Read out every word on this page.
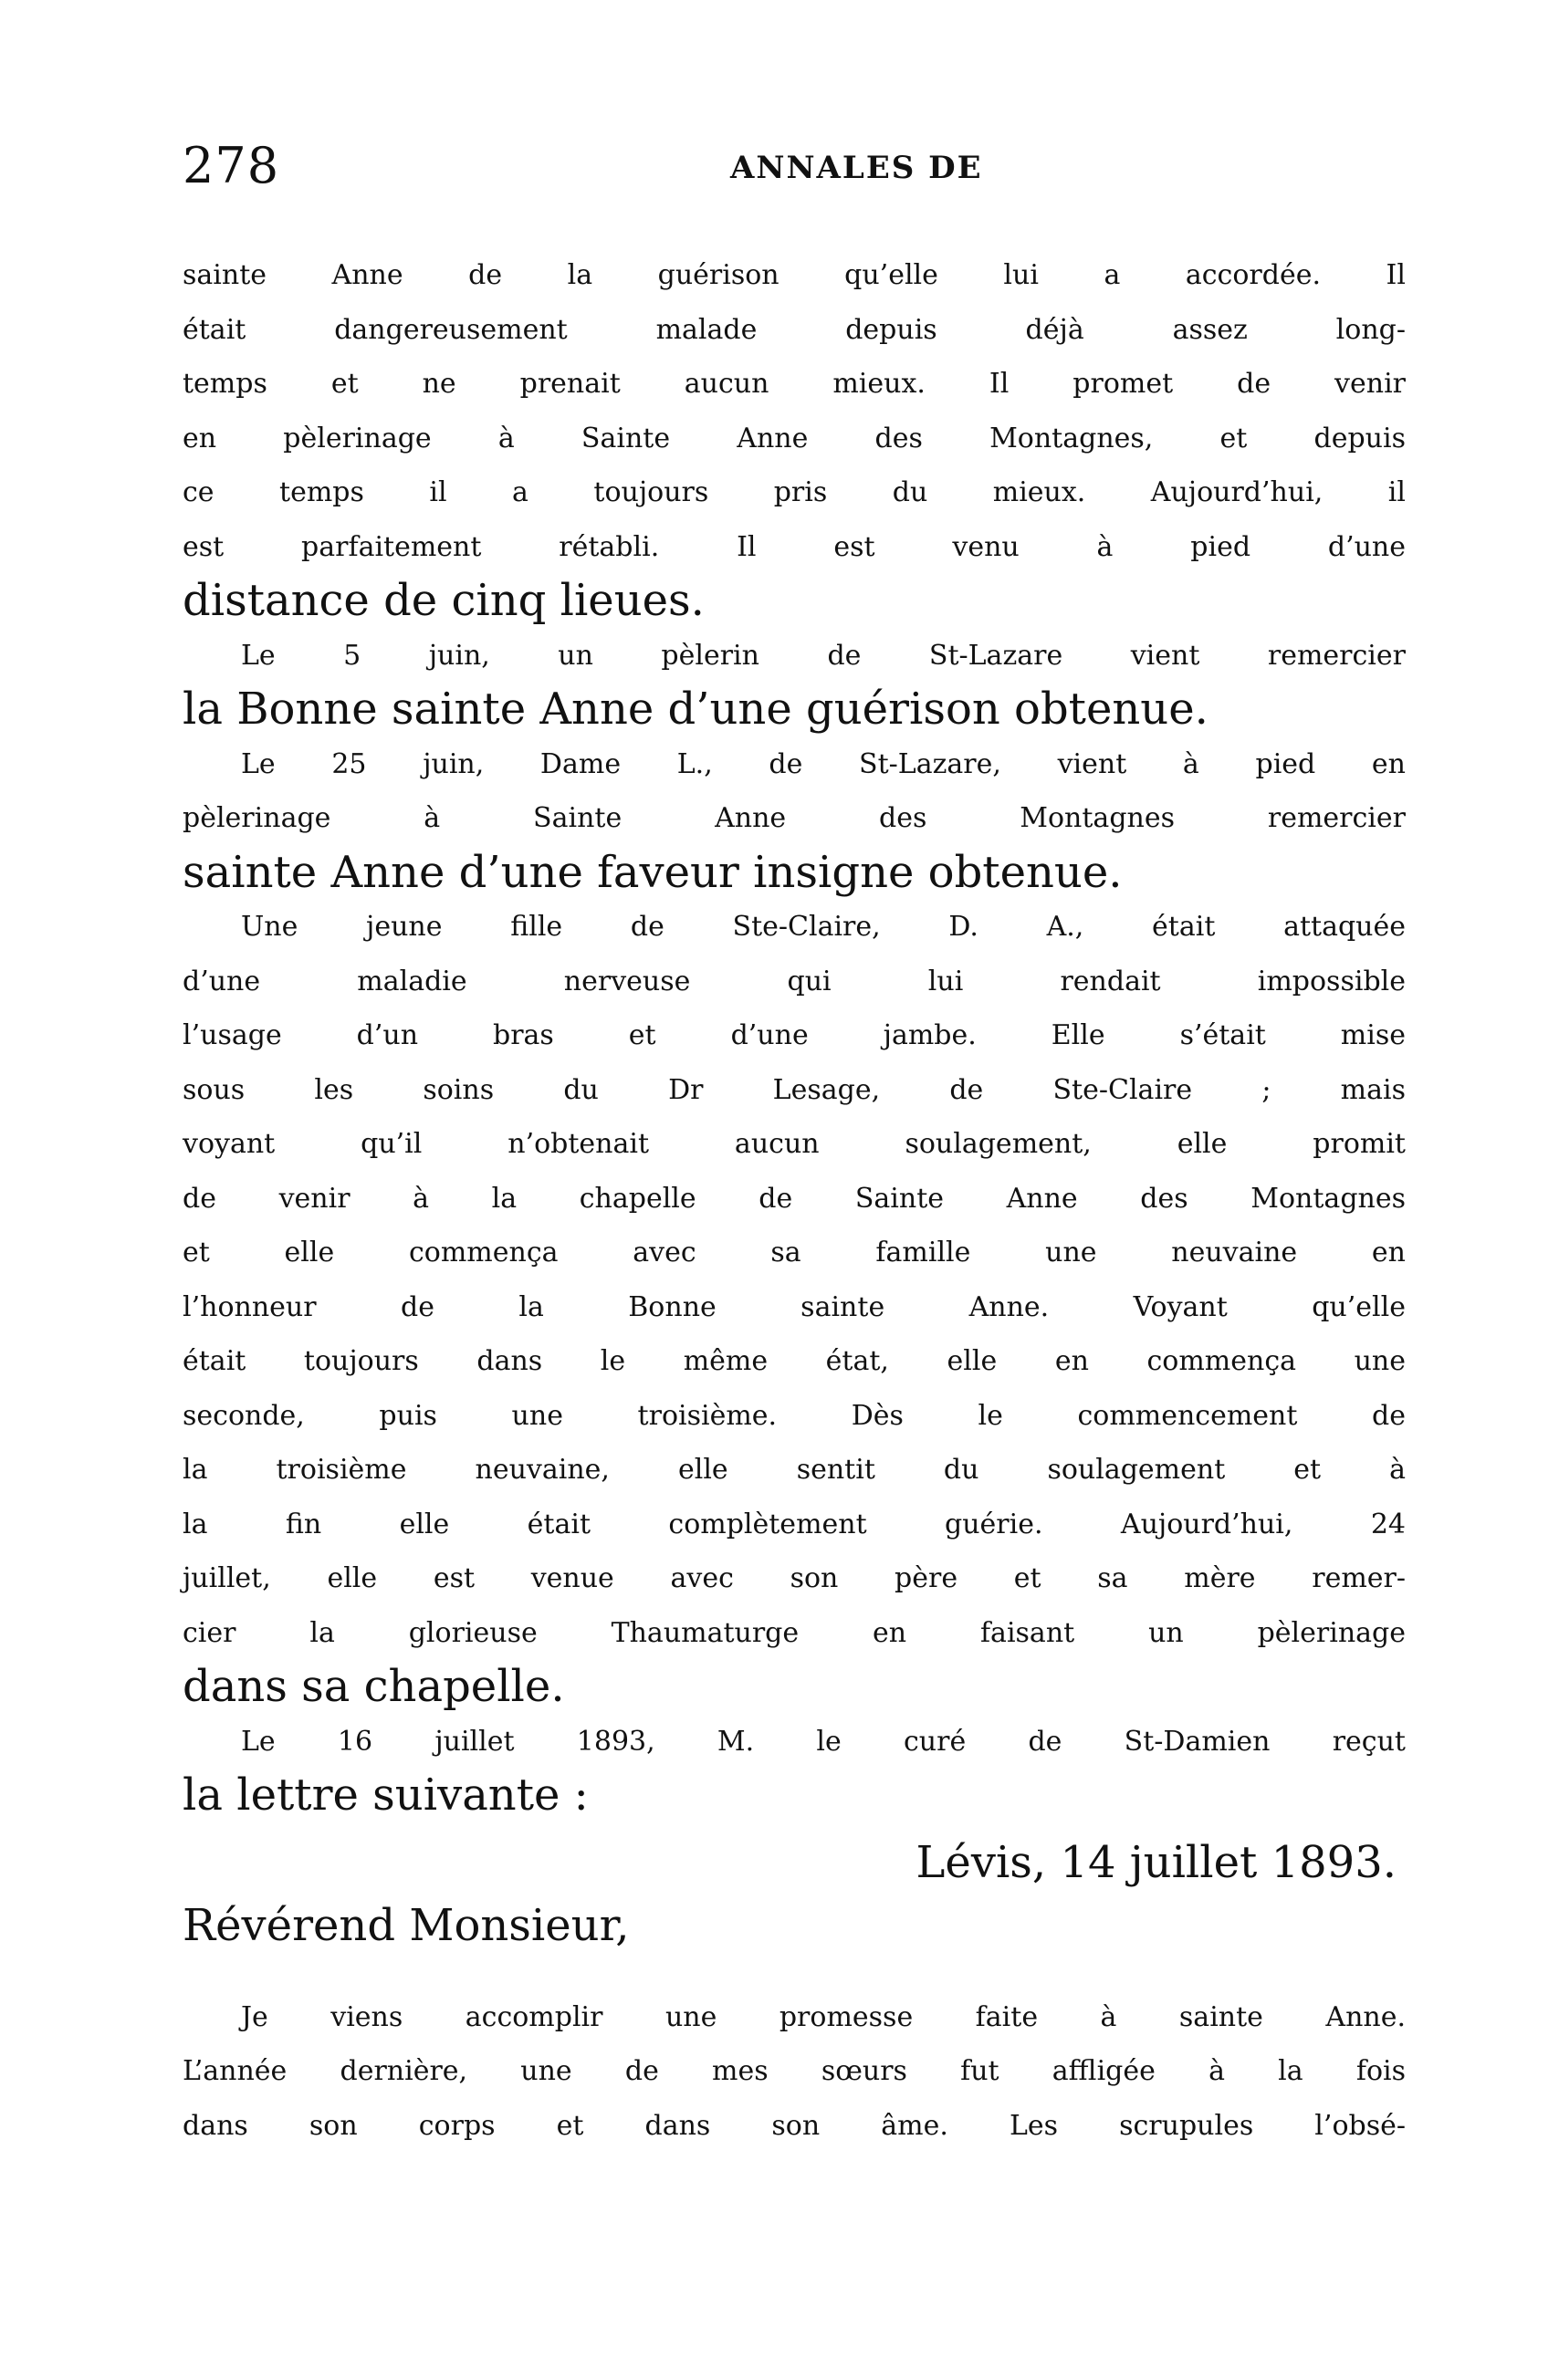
278	ANNALES DE
sainte Anne de la guérison qu’elle lui a accordée. Il
était dangereusement malade depuis déjà assez long-
temps et ne prenait aucun mieux. Il promet de venir
en pèlerinage à Sainte Anne des Montagnes, et depuis
ce temps il a toujours pris du mieux. Aujourd’hui, il
est parfaitement rétabli. Il est venu à pied d’une
distance de cinq lieues.
Le 5 juin, un pèlerin de St-Lazare vient remercier
la Bonne sainte Anne d’une guérison obtenue.
Le 25 juin, Dame L., de St-Lazare, vient à pied en
pèlerinage à Sainte Anne des Montagnes remercier
sainte Anne d’une faveur insigne obtenue.
Une jeune fille de Ste-Claire, D. A., était attaquée
d’une maladie nerveuse qui lui rendait impossible
l’usage d’un bras et d’une jambe. Elle s’était mise
sous les soins du Dr Lesage, de Ste-Claire ; mais
voyant qu’il n’obtenait aucun soulagement, elle promit
de venir à la chapelle de Sainte Anne des Montagnes
et elle commença avec sa famille une neuvaine en
l’honneur de la Bonne sainte Anne. Voyant qu’elle
était toujours dans le même état, elle en commença une
seconde, puis une troisième. Dès le commencement de
la troisième neuvaine, elle sentit du soulagement et à
la fin elle était complètement guérie. Aujourd’hui, 24
juillet, elle est venue avec son père et sa mère remer-
cier la glorieuse Thaumaturge en faisant un pèlerinage
dans sa chapelle.
Le 16 juillet 1893, M. le curé de St-Damien reçut
la lettre suivante :
Lévis, 14 juillet 1893.
Révérend Monsieur,
Je viens accomplir une promesse faite à sainte Anne.
L’année dernière, une de mes sœurs fut affligée à la fois
dans son corps et dans son âme. Les scrupules l’obsé-
